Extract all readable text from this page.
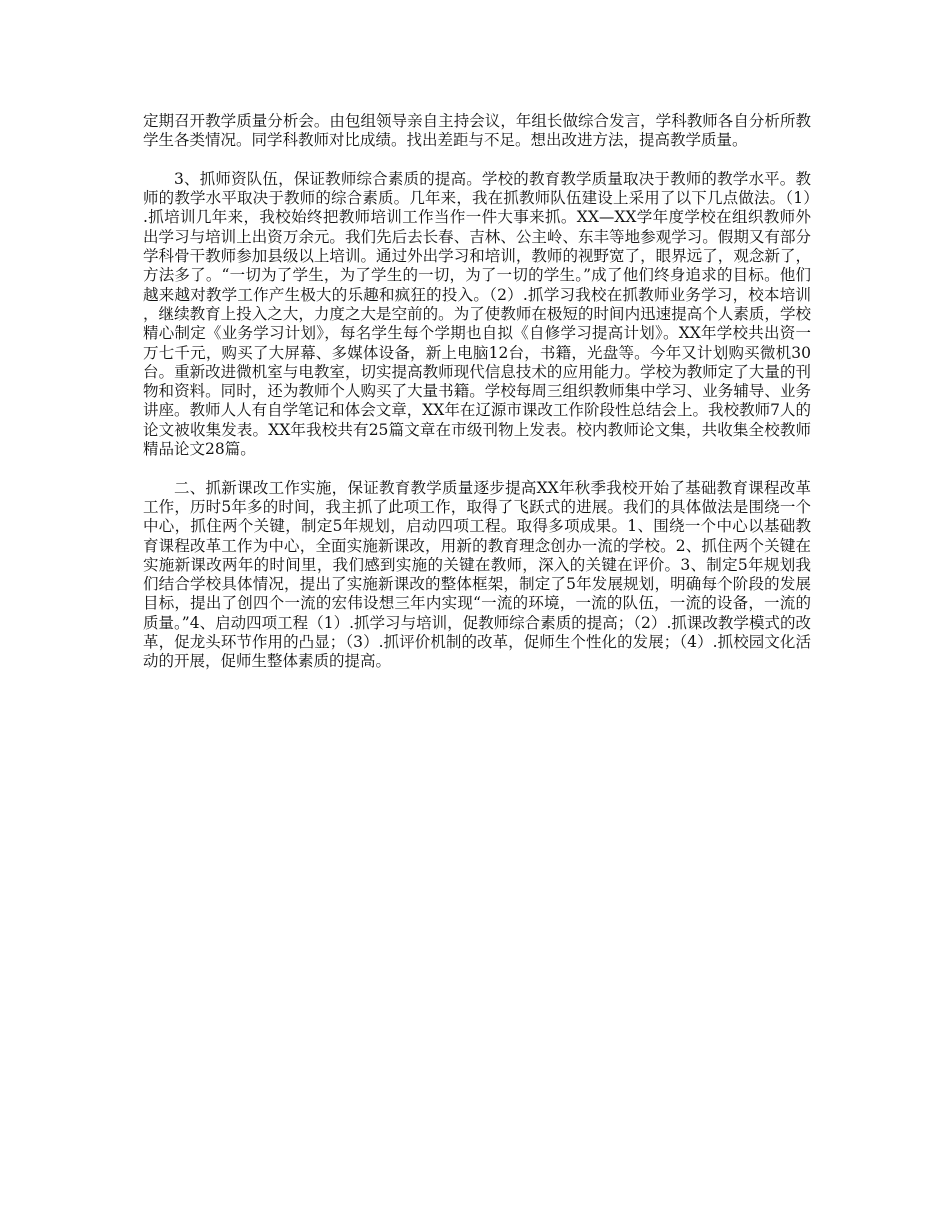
定期召开教学质量分析会。由包组领导亲自主持会议，年组长做综合发言，学科教师各自分析所教学生各类情况。同学科教师对比成绩。找出差距与不足。想出改进方法，提高教学质量。

3、抓师资队伍，保证教师综合素质的提高。学校的教育教学质量取决于教师的教学水平。教师的教学水平取决于教师的综合素质。几年来，我在抓教师队伍建设上采用了以下几点做法。（1）.抓培训几年来，我校始终把教师培训工作当作一件大事来抓。XX—XX学年度学校在组织教师外出学习与培训上出资万余元。我们先后去长春、吉林、公主岭、东丰等地参观学习。假期又有部分学科骨干教师参加县级以上培训。通过外出学习和培训，教师的视野宽了，眼界远了，观念新了，方法多了。“一切为了学生，为了学生的一切，为了一切的学生。”成了他们终身追求的目标。他们越来越对教学工作产生极大的乐趣和疯狂的投入。（2）.抓学习我校在抓教师业务学习，校本培训，继续教育上投入之大，力度之大是空前的。为了使教师在极短的时间内迅速提高个人素质，学校精心制定《业务学习计划》，每名学生每个学期也自拟《自修学习提高计划》。XX年学校共出资一万七千元，购买了大屏幕、多媒体设备，新上电脑12台，书籍，光盘等。今年又计划购买微机30台。重新改进微机室与电教室，切实提高教师现代信息技术的应用能力。学校为教师定了大量的刊物和资料。同时，还为教师个人购买了大量书籍。学校每周三组织教师集中学习、业务辅导、业务讲座。教师人人有自学笔记和体会文章，XX年在辽源市课改工作阶段性总结会上。我校教师7人的论文被收集发表。XX年我校共有25篇文章在市级刊物上发表。校内教师论文集，共收集全校教师精品论文28篇。

二、抓新课改工作实施，保证教育教学质量逐步提高XX年秋季我校开始了基础教育课程改革工作，历时5年多的时间，我主抓了此项工作，取得了飞跃式的进展。我们的具体做法是围绕一个中心，抓住两个关键，制定5年规划，启动四项工程。取得多项成果。1、围绕一个中心以基础教育课程改革工作为中心，全面实施新课改，用新的教育理念创办一流的学校。2、抓住两个关键在实施新课改两年的时间里，我们感到实施的关键在教师，深入的关键在评价。3、制定5年规划我们结合学校具体情况，提出了实施新课改的整体框架，制定了5年发展规划，明确每个阶段的发展目标，提出了创四个一流的宏伟设想三年内实现“一流的环境，一流的队伍，一流的设备，一流的质量。”4、启动四项工程（1）.抓学习与培训，促教师综合素质的提高；（2）.抓课改教学模式的改革，促龙头环节作用的凸显；（3）.抓评价机制的改革，促师生个性化的发展；（4）.抓校园文化活动的开展，促师生整体素质的提高。
